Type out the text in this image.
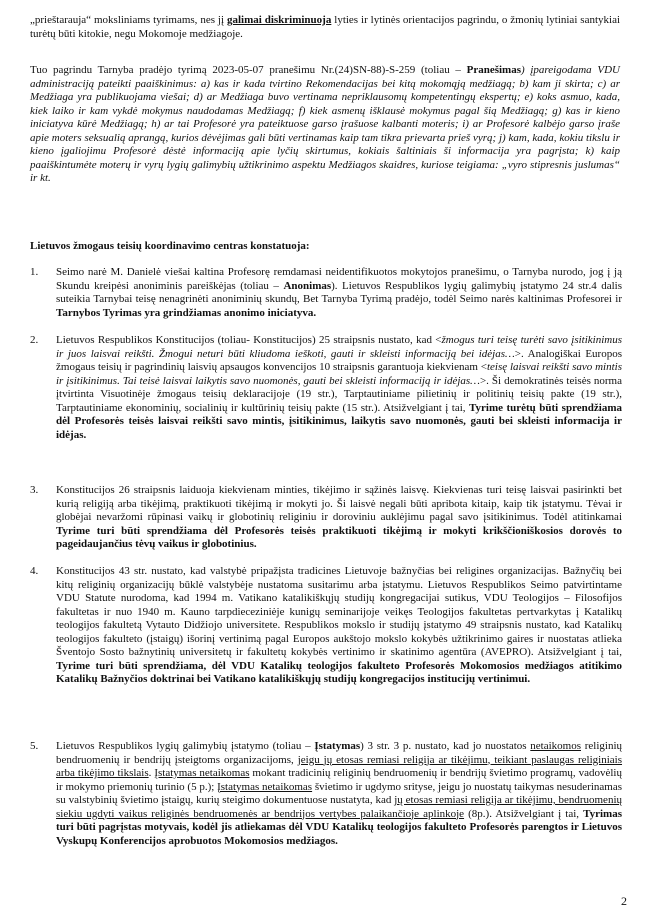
„prieštarauja“ moksliniams tyrimams, nes jį galimai diskriminuoja lyties ir lytinės orientacijos pagrindu, o žmonių lytiniai santykiai turėtų būti kitokie, negu Mokomoje medžiagoje.

Tuo pagrindu Tarnyba pradėjo tyrimą 2023-05-07 pranešimu Nr.(24)SN-88)-S-259 (toliau – Pranešimas) įpareigodama VDU administraciją pateikti paaiškinimus: a) kas ir kada tvirtino Rekomendacijas bei kitą mokomąją medžiagą; b) kam ji skirta; c) ar Medžiaga yra publikuojama viešai; d) ar Medžiaga buvo vertinama nepriklausomų kompetentingų ekspertų; e) koks asmuo, kada, kiek laiko ir kam vykdė mokymus naudodamas Medžiagą; f) kiek asmenų išklausė mokymus pagal šią Medžiagą; g) kas ir kieno iniciatyva kūrė Medžiagą; h) ar tai Profesorė yra pateiktuose garso įrašuose kalbanti moteris; i) ar Profesorė kalbėjo garso įraše apie moters seksualią aprangą, kurios dėvėjimas gali būti vertinamas kaip tam tikra prievarta prieš vyrą; j) kam, kada, kokiu tikslu ir kieno įgaliojimu Profesorė dėstė informaciją apie lyčių skirtumus, kokiais šaltiniais ši informacija yra pagrįsta; k) kaip paaiškintumėte moterų ir vyrų lygių galimybių užtikrinimo aspektu Medžiagos skaidres, kuriose teigiama: „vyro stipresnis juslumas“ ir kt.

Lietuvos žmogaus teisių koordinavimo centras konstatuoja:

1. Seimo narė M. Danielė viešai kaltina Profesorę remdamasi neidentifikuotos mokytojos pranešimu, o Tarnyba nurodo, jog į ją Skundu kreipėsi anoniminis pareiškėjas (toliau – Anonimas). Lietuvos Respublikos lygių galimybių įstatymo 24 str.4 dalis suteikia Tarnybai teisę nenagrinėti anoniminių skundų, Bet Tarnyba Tyrimą pradėjo, todėl Seimo narės kaltinimas Profesorei ir Tarnybos Tyrimas yra grindžiamas anonimo iniciatyva.

2. Lietuvos Respublikos Konstitucijos (toliau- Konstitucijos) 25 straipsnis nustato, kad <žmogus turi teisę turėti savo įsitikinimus ir juos laisvai reikšti. Žmogui neturi būti kliudoma ieškoti, gauti ir skleisti informaciją bei idėjas…>. Analogiškai Europos žmogaus teisių ir pagrindinių laisvių apsaugos konvencijos 10 straipsnis garantuoja kiekvienam <teisę laisvai reikšti savo mintis ir įsitikinimus. Tai teisė laisvai laikytis savo nuomonės, gauti bei skleisti informaciją ir idėjas…>. Ši demokratinės teisės norma įtvirtinta Visuotinėje žmogaus teisių deklaracijoje (19 str.), Tarptautiniame pilietinių ir politinių teisių pakte (19 str.), Tarptautiniame ekonominių, socialinių ir kultūrinių teisių pakte (15 str.). Atsižvelgiant į tai, Tyrime turėtų būti sprendžiama dėl Profesorės teisės laisvai reikšti savo mintis, įsitikinimus, laikytis savo nuomonės, gauti bei skleisti informacija ir idėjas.

3. Konstitucijos 26 straipsnis laiduoja kiekvienam minties, tikėjimo ir sąžinės laisvę. Kiekvienas turi teisę laisvai pasirinkti bet kurią religiją arba tikėjimą, praktikuoti tikėjimą ir mokyti jo. Ši laisvė negali būti apribota kitaip, kaip tik įstatymu. Tėvai ir globėjai nevaržomi rūpinasi vaikų ir globotinių religiniu ir doroviniu auklėjimu pagal savo įsitikinimus. Todėl atitinkamai Tyrime turi būti sprendžiama dėl Profesorės teisės praktikuoti tikėjimą ir mokyti krikščioniškosios dorovės to pageidaujančius tėvų vaikus ir globotinius.

4. Konstitucijos 43 str. nustato, kad valstybė pripažįsta tradicines Lietuvoje bažnyčias bei religines organizacijas. Bažnyčių bei kitų religinių organizacijų būklė valstybėje nustatoma susitarimu arba įstatymu. Lietuvos Respublikos Seimo patvirtintame VDU Statute nurodoma, kad 1994 m. Vatikano katalikiškųjų studijų kongregacijai sutikus, VDU Teologijos – Filosofijos fakultetas ir nuo 1940 m. Kauno tarpdieceziniėje kunigų seminarijoje veikęs Teologijos fakultetas pertvarkytas į Katalikų teologijos fakultetą Vytauto Didžiojo universitete. Respublikos mokslo ir studijų įstatymo 49 straipsnis nustato, kad Katalikų teologijos fakulteto (įstaigų) išorinį vertinimą pagal Europos aukštojo mokslo kokybės užtikrinimo gaires ir nuostatas atlieka Šventojo Sosto bažnytinių universitetų ir fakultetų kokybės vertinimo ir skatinimo agentūra (AVEPRO). Atsižvelgiant į tai, Tyrime turi būti sprendžiama, dėl VDU Katalikų teologijos fakulteto Profesorės Mokomosios medžiagos atitikimo Katalikų Bažnyčios doktrinai bei Vatikano katalikiškųjų studijų kongregacijos institucijų vertinimui.

5. Lietuvos Respublikos lygių galimybių įstatymo (toliau – Įstatymas) 3 str. 3 p. nustato, kad jo nuostatos netaikomos religinių bendruomenių ir bendrijų įsteigtoms organizacijoms, jeigu jų etosas remiasi religija ar tikėjimu, teikiant paslaugas religiniais arba tikėjimo tikslais. Įstatymas netaikomas mokant tradicinių religinių bendruomenių ir bendrijų švietimo programų, vadovėlių ir mokymo priemonių turinio (5 p.); Įstatymas netaikomas švietimo ir ugdymo srityse, jeigu jo nuostatų taikymas nesuderinamas su valstybinių švietimo įstaigų, kurių steigimo dokumentuose nustatyta, kad jų etosas remiasi religija ar tikėjimu, bendruomenių siekiu ugdyti vaikus religinės bendruomenės ar bendrijos vertybes palaikančioje aplinkoje (8p.). Atsižvelgiant į tai, Tyrimas turi būti pagrįstas motyvais, kodėl jis atliekamas dėl VDU Katalikų teologijos fakulteto Profesorės parengtos ir Lietuvos Vyskupų Konferencijos aprobuotos Mokomosios medžiagos.

2
